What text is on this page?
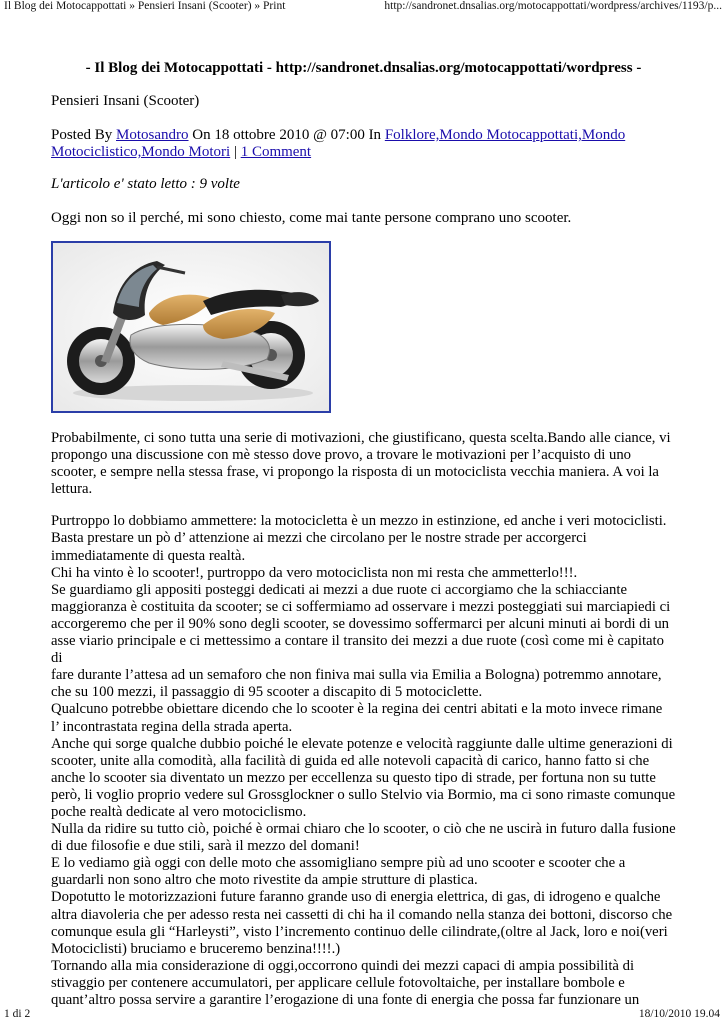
Il Blog dei Motocappottati » Pensieri Insani (Scooter) » Print	http://sandronet.dnsalias.org/motocappottati/wordpress/archives/1193/p...
- Il Blog dei Motocappottati - http://sandronet.dnsalias.org/motocappottati/wordpress -
Pensieri Insani (Scooter)
Posted By Motosandro On 18 ottobre 2010 @ 07:00 In Folklore,Mondo Motocappottati,Mondo
Motociclistico,Mondo Motori | 1 Comment
L'articolo e' stato letto : 9 volte
Oggi non so il perché, mi sono chiesto, come mai tante persone comprano uno scooter.
Probabilmente, ci sono tutta una serie di motivazioni, che giustificano, questa scelta.Bando alle ciance, vi
propongo una discussione con mè stesso dove provo, a trovare le motivazioni per l’acquisto di uno
scooter, e sempre nella stessa frase, vi propongo la risposta di un motociclista vecchia maniera. A voi la
lettura.
Purtroppo lo dobbiamo ammettere: la motocicletta è un mezzo in estinzione, ed anche i veri motociclisti.
Basta prestare un pò d’ attenzione ai mezzi che circolano per le nostre strade per accorgerci
immediatamente di questa realtà.
Chi ha vinto è lo scooter!, purtroppo da vero motociclista non mi resta che ammetterlo!!!.
Se guardiamo gli appositi posteggi dedicati ai mezzi a due ruote ci accorgiamo che la schiacciante
maggioranza è costituita da scooter; se ci soffermiamo ad osservare i mezzi posteggiati sui marciapiedi ci
accorgeremo che per il 90% sono degli scooter, se dovessimo soffermarci per alcuni minuti ai bordi di un
asse viario principale e ci mettessimo a contare il transito dei mezzi a due ruote (così come mi è capitato di
fare durante l’attesa ad un semaforo che non finiva mai sulla via Emilia a Bologna) potremmo annotare,
che su 100 mezzi, il passaggio di 95 scooter a discapito di 5 motociclette.
Qualcuno potrebbe obiettare dicendo che lo scooter è la regina dei centri abitati e la moto invece rimane
l’ incontrastata regina della strada aperta.
Anche qui sorge qualche dubbio poiché le elevate potenze e velocità raggiunte dalle ultime generazioni di
scooter, unite alla comodità, alla facilità di guida ed alle notevoli capacità di carico, hanno fatto si che
anche lo scooter sia diventato un mezzo per eccellenza su questo tipo di strade, per fortuna non su tutte
però, li voglio proprio vedere sul Grossglockner o sullo Stelvio via Bormio, ma ci sono rimaste comunque
poche realtà dedicate al vero motociclismo.
Nulla da ridire su tutto ciò, poiché è ormai chiaro che lo scooter, o ciò che ne uscirà in futuro dalla fusione
di due filosofie e due stili, sarà il mezzo del domani!
E lo vediamo già oggi con delle moto che assomigliano sempre più ad uno scooter e scooter che a
guardarli non sono altro che moto rivestite da ampie strutture di plastica.
Dopotutto le motorizzazioni future faranno grande uso di energia elettrica, di gas, di idrogeno e qualche
altra diavoleria che per adesso resta nei cassetti di chi ha il comando nella stanza dei bottoni, discorso che
comunque esula gli “Harleysti”, visto l’incremento continuo delle cilindrate,(oltre al Jack, loro e noi(veri
Motociclisti) bruciamo e bruceremo benzina!!!!.)
Tornando alla mia considerazione di oggi,occorrono quindi dei mezzi capaci di ampia possibilità di
stivaggio per contenere accumulatori, per applicare cellule fotovoltaiche, per installare bombole e
quant’altro possa servire a garantire l’erogazione di una fonte di energia che possa far funzionare un
1 di 2	18/10/2010 19.04
